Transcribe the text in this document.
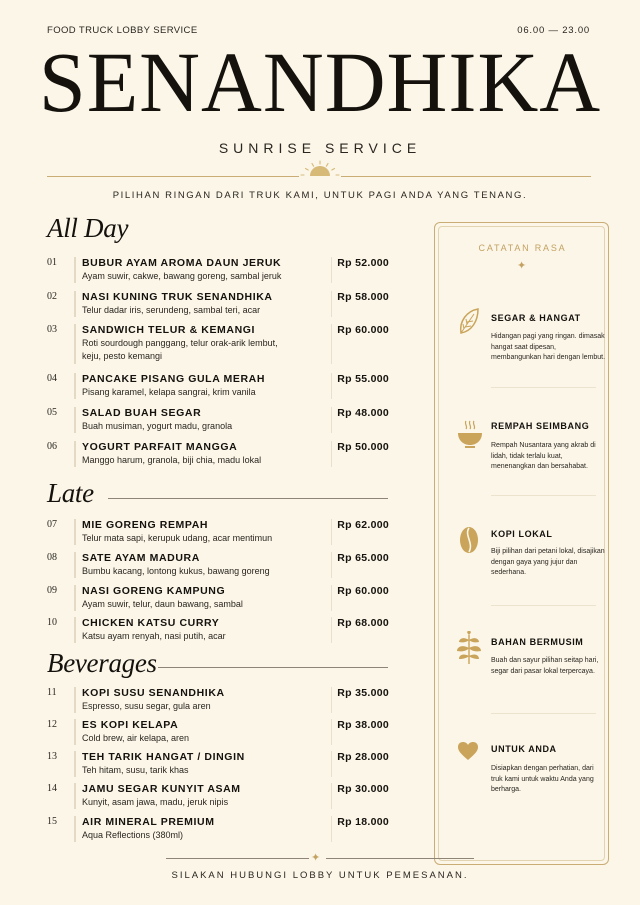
FOOD TRUCK LOBBY SERVICE	06.00 — 23.00
SENANDHIKA
SUNRISE SERVICE
PILIHAN RINGAN DARI TRUK KAMI, UNTUK PAGI ANDA YANG TENANG.
All Day
01 BUBUR AYAM AROMA DAUN JERUK	Rp 52.000
Ayam suwir, cakwe, bawang goreng, sambal jeruk
02 NASI KUNING TRUK SENANDHIKA	Rp 58.000
Telur dadar iris, serundeng, sambal teri, acar
03 SANDWICH TELUR & KEMANGI	Rp 60.000
Roti sourdough panggang, telur orak-arik lembut, keju, pesto kemangi
04 PANCAKE PISANG GULA MERAH	Rp 55.000
Pisang karamel, kelapa sangrai, krim vanila
05 SALAD BUAH SEGAR	Rp 48.000
Buah musiman, yogurt madu, granola
06 YOGURT PARFAIT MANGGA	Rp 50.000
Manggo harum, granola, biji chia, madu lokal
Late
07 MIE GORENG REMPAH	Rp 62.000
Telur mata sapi, kerupuk udang, acar mentimun
08 SATE AYAM MADURA	Rp 65.000
Bumbu kacang, lontong kukus, bawang goreng
09 NASI GORENG KAMPUNG	Rp 60.000
Ayam suwir, telur, daun bawang, sambal
10 CHICKEN KATSU CURRY	Rp 68.000
Katsu ayam renyah, nasi putih, acar
Beverages
11 KOPI SUSU SENANDHIKA	Rp 35.000
Espresso, susu segar, gula aren
12 ES KOPI KELAPA	Rp 38.000
Cold brew, air kelapa, aren
13 TEH TARIK HANGAT / DINGIN	Rp 28.000
Teh hitam, susu, tarik khas
14 JAMU SEGAR KUNYIT ASAM	Rp 30.000
Kunyit, asam jawa, madu, jeruk nipis
15 AIR MINERAL PREMIUM	Rp 18.000
Aqua Reflections (380ml)
CATATAN RASA
✦
SEGAR & HANGAT
Hidangan pagi yang ringan. dimasak hangat saat dipesan, membangunkan hari dengan lembut.
REMPAH SEIMBANG
Rempah Nusantara yang akrab di lidah, tidak terlalu kuat, menenangkan dan bersahabat.
KOPI LOKAL
Biji pilihan dari petani lokal, disajikan dengan gaya yang jujur dan sederhana.
BAHAN BERMUSIM
Buah dan sayur pilihan seitap hari, segar dari pasar lokal terpercaya.
UNTUK ANDA
Disiapkan dengan perhatian, dari truk kami untuk waktu Anda yang berharga.
✦
SILAKAN HUBUNGI LOBBY UNTUK PEMESANAN.
